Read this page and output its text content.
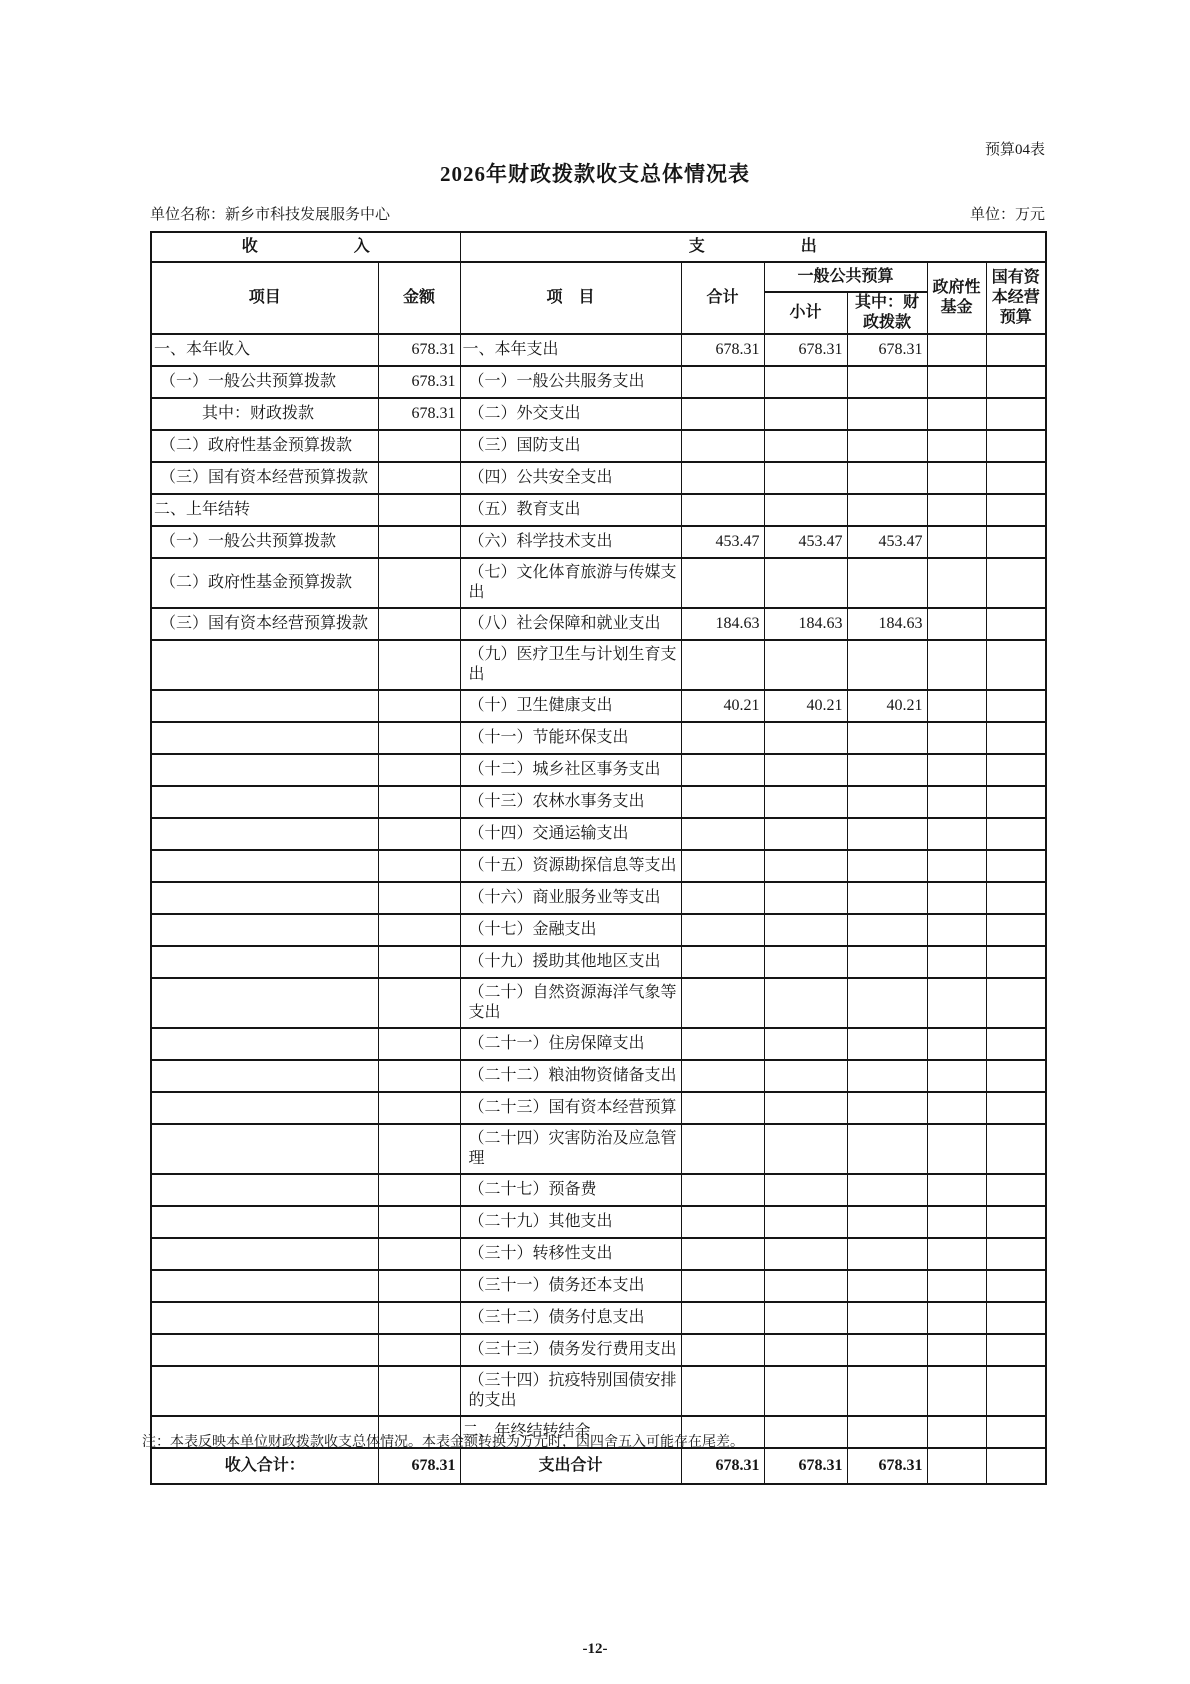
预算04表
2026年财政拨款收支总体情况表
单位名称：新乡市科技发展服务中心	单位：万元
收　　　　　　入		支　　　　　　出					
项目	金额	项　目	合计	一般公共预算		政府性基金	国有资本经营预算
				小计	其中：财政拨款		
一、本年收入	678.31	一、本年支出	678.31	678.31	678.31		
（一）一般公共预算拨款	678.31	（一）一般公共服务支出					
其中：财政拨款	678.31	（二）外交支出					
（二）政府性基金预算拨款		（三）国防支出					
（三）国有资本经营预算拨款		（四）公共安全支出					
二、上年结转		（五）教育支出					
（一）一般公共预算拨款		（六）科学技术支出	453.47	453.47	453.47		
（二）政府性基金预算拨款		（七）文化体育旅游与传媒支出					
（三）国有资本经营预算拨款		（八）社会保障和就业支出	184.63	184.63	184.63		
		（九）医疗卫生与计划生育支出					
		（十）卫生健康支出	40.21	40.21	40.21		
		（十一）节能环保支出					
		（十二）城乡社区事务支出					
		（十三）农林水事务支出					
		（十四）交通运输支出					
		（十五）资源勘探信息等支出					
		（十六）商业服务业等支出					
		（十七）金融支出					
		（十九）援助其他地区支出					
		（二十）自然资源海洋气象等支出					
		（二十一）住房保障支出					
		（二十二）粮油物资储备支出					
		（二十三）国有资本经营预算					
		（二十四）灾害防治及应急管理					
		（二十七）预备费					
		（二十九）其他支出					
		（三十）转移性支出					
		（三十一）债务还本支出					
		（三十二）债务付息支出					
		（三十三）债务发行费用支出					
		（三十四）抗疫特别国债安排的支出					
		二、年终结转结余					
收入合计：	678.31	支出合计	678.31	678.31	678.31		
注：本表反映本单位财政拨款收支总体情况。本表金额转换为万元时，因四舍五入可能存在尾差。
-12-
